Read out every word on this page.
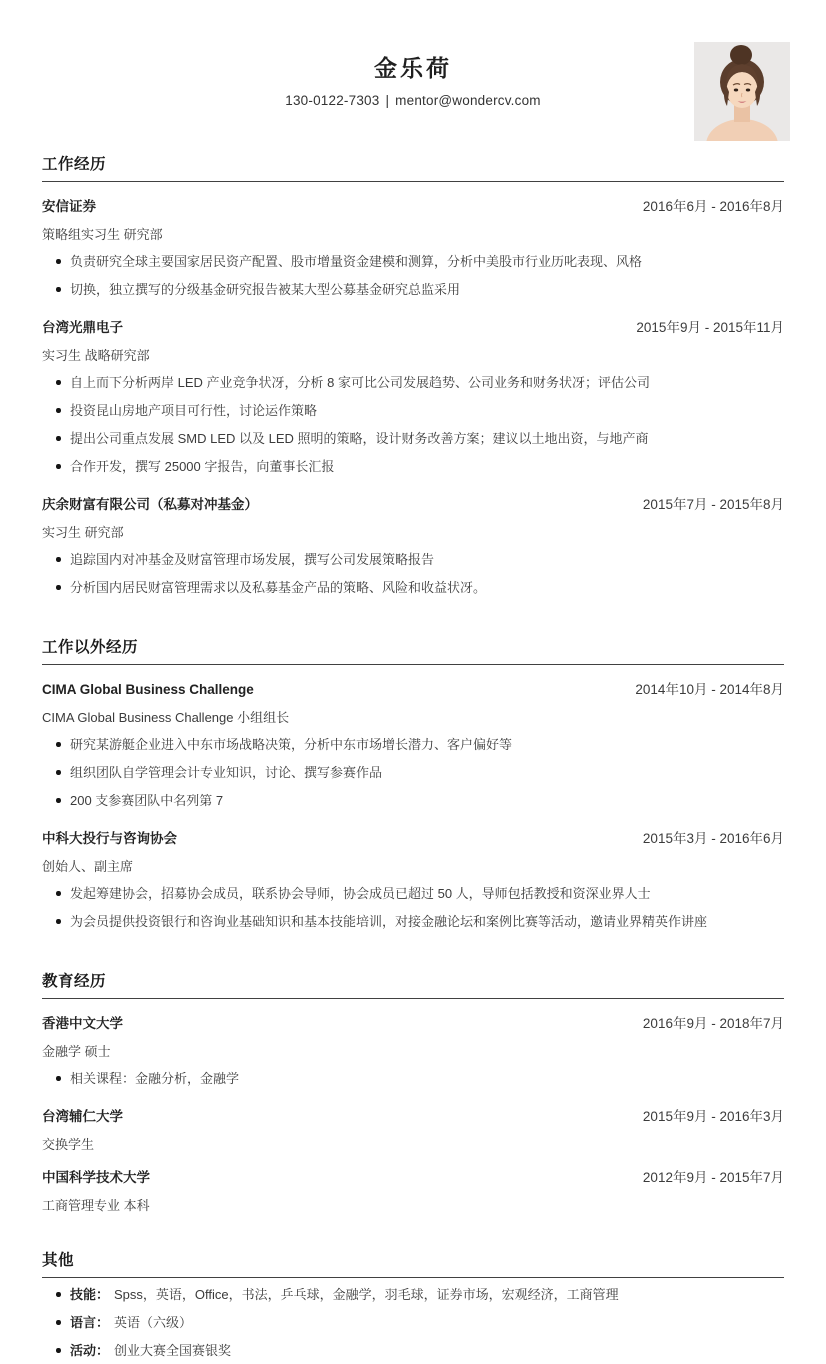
金乐荷
130-0122-7303 | mentor@wondercv.com
工作经历
安信证券	2016年6月 - 2016年8月
策略组实习生 研究部
负责研究全球主要国家居民资产配置、股市增量资金建模和测算，分析中美股市行业历叱表现、风格
切换，独立撰写的分级基金研究报告被某大型公募基金研究总监采用
台湾光鼎电子	2015年9月 - 2015年11月
实习生 战略研究部
自上而下分析两岸 LED 产业竞争状冴，分析 8 家可比公司发展趋势、公司业务和财务状冴；评估公司
投资昆山房地产项目可行性，讨论运作策略
提出公司重点发展 SMD LED 以及 LED 照明的策略，设计财务改善方案；建议以土地出资，与地产商
合作开发，撰写 25000 字报告，向董事长汇报
庆余财富有限公司（私募对冲基金）	2015年7月 - 2015年8月
实习生 研究部
追踪国内对冲基金及财富管理市场发展，撰写公司发展策略报告
分析国内居民财富管理需求以及私募基金产品的策略、风险和收益状冴。
工作以外经历
CIMA Global Business Challenge	2014年10月 - 2014年8月
CIMA Global Business Challenge 小组组长
研究某游艇企业进入中东市场战略决策，分析中东市场增长潜力、客户偏好等
组织团队自学管理会计专业知识，讨论、撰写参赛作品
200 支参赛团队中名列第 7
中科大投行与咨询协会	2015年3月 - 2016年6月
创始人、副主席
发起筹建协会，招募协会成员，联系协会导师，协会成员已超过 50 人，导师包括教授和资深业界人士
为会员提供投资银行和咨询业基础知识和基本技能培训，对接金融论坛和案例比赛等活动，邀请业界精英作讲座
教育经历
香港中文大学	2016年9月 - 2018年7月
金融学 硕士
相关课程：金融分析，金融学
台湾辅仁大学	2015年9月 - 2016年3月
交换学生
中国科学技术大学	2012年9月 - 2015年7月
工商管理专业 本科
其他
技能： Spss，英语，Office，书法，乒乓球，金融学，羽毛球，证券市场，宏观经济，工商管理
语言： 英语（六级）
活动： 创业大赛全国赛银奖
